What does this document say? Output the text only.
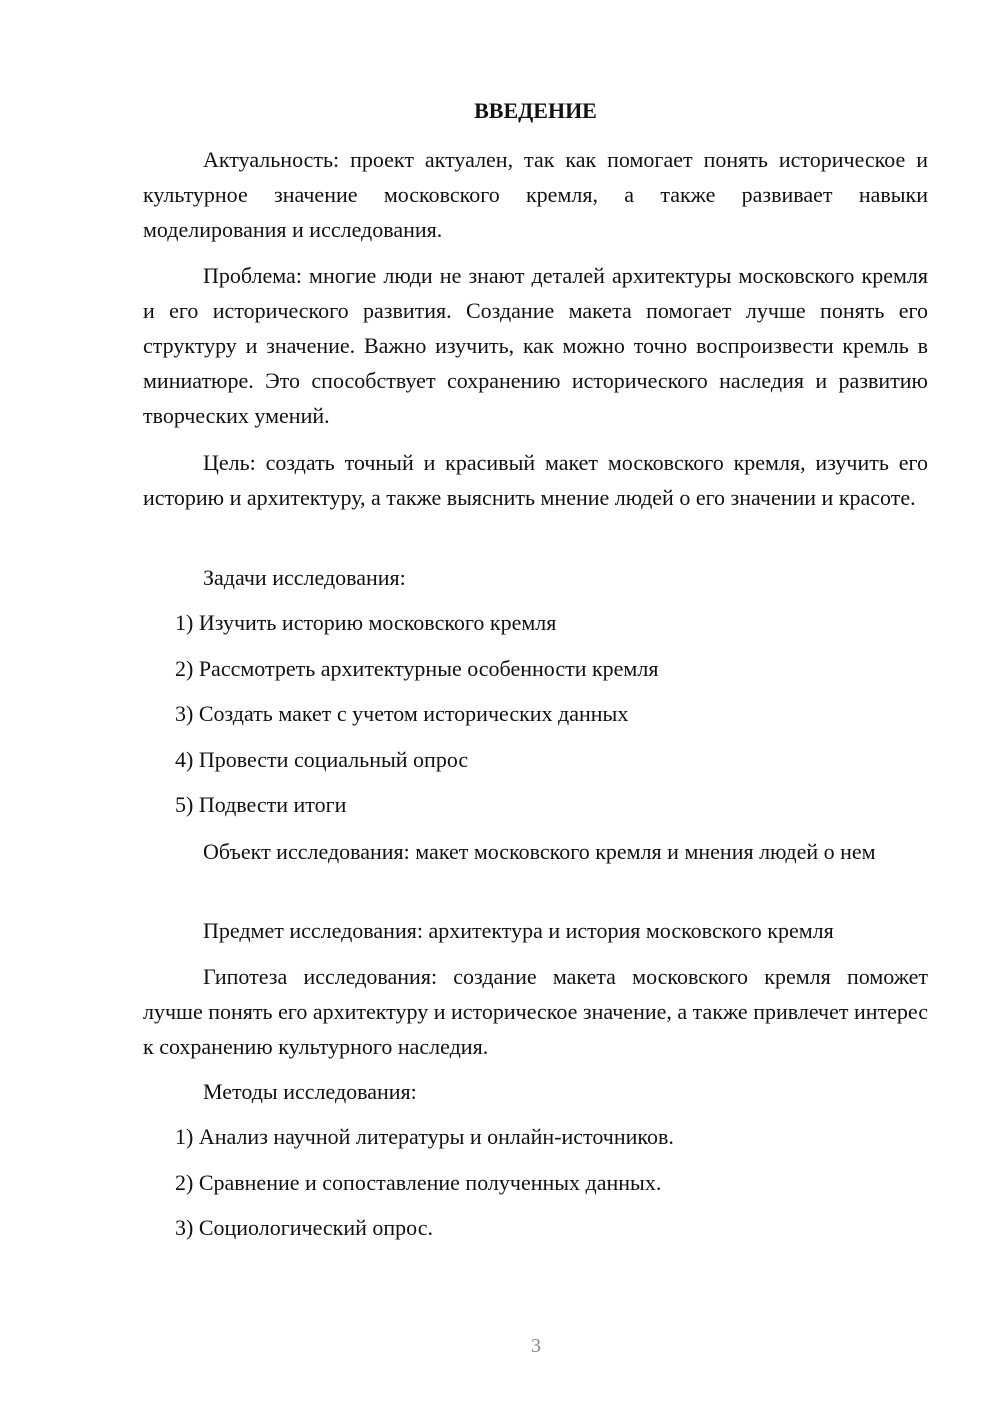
ВВЕДЕНИЕ

Актуальность: проект актуален, так как помогает понять историческое и культурное значение московского кремля, а также развивает навыки моделирования и исследования.

Проблема: многие люди не знают деталей архитектуры московского кремля и его исторического развития. Создание макета помогает лучше понять его структуру и значение. Важно изучить, как можно точно воспроизвести кремль в миниатюре. Это способствует сохранению исторического наследия и развитию творческих умений.

Цель: создать точный и красивый макет московского кремля, изучить его историю и архитектуру, а также выяснить мнение людей о его значении и красоте.

Задачи исследования:

1) Изучить историю московского кремля

2) Рассмотреть архитектурные особенности кремля

3) Создать макет с учетом исторических данных

4) Провести социальный опрос

5) Подвести итоги

Объект исследования: макет московского кремля и мнения людей о нем

Предмет исследования: архитектура и история московского кремля

Гипотеза исследования: создание макета московского кремля поможет лучше понять его архитектуру и историческое значение, а также привлечет интерес к сохранению культурного наследия.

Методы исследования:

1) Анализ научной литературы и онлайн-источников.

2) Сравнение и сопоставление полученных данных.

3) Социологический опрос.

3
